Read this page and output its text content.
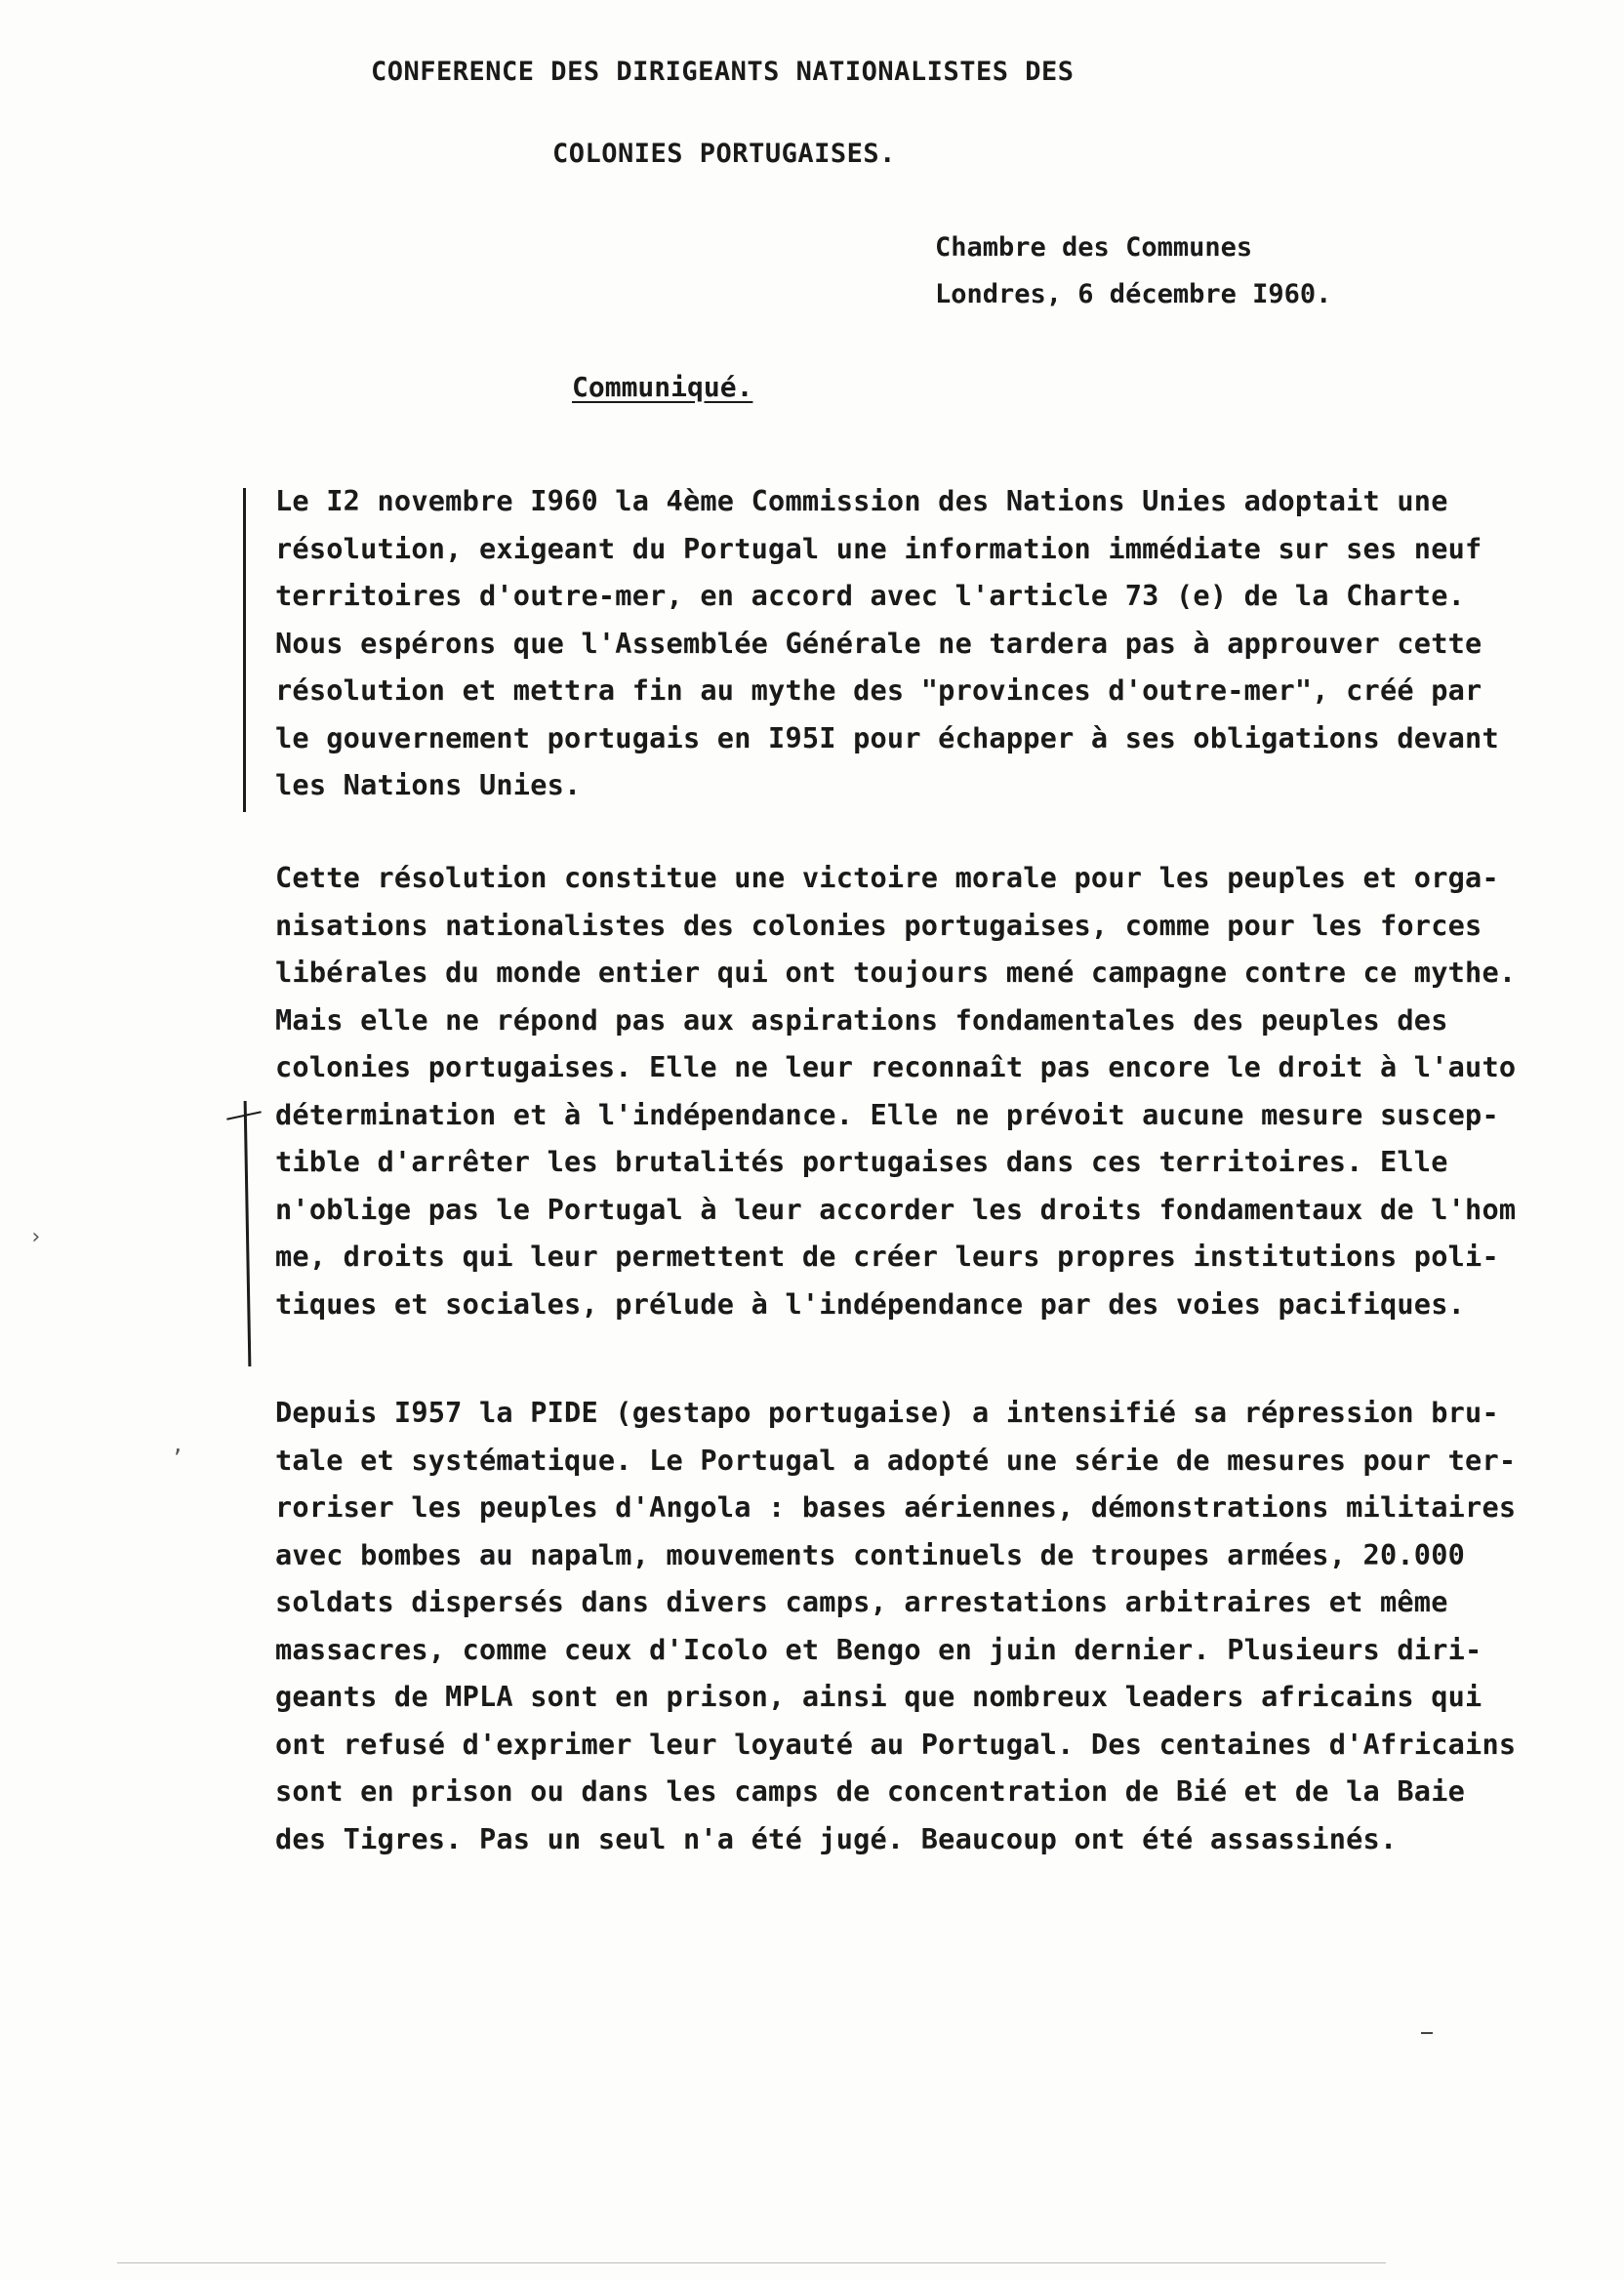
CONFERENCE DES DIRIGEANTS NATIONALISTES DES
COLONIES PORTUGAISES.
Chambre des Communes
Londres, 6 décembre I960.
Communiqué.
ʼ
›
Le I2 novembre I960 la 4ème Commission des Nations Unies adoptait une
résolution, exigeant du Portugal une information immédiate sur ses neuf
territoires d'outre-mer, en accord avec l'article 73 (e) de la Charte.
Nous espérons que l'Assemblée Générale ne tardera pas à approuver cette
résolution et mettra fin au mythe des "provinces d'outre-mer", créé par
le gouvernement portugais en I95I pour échapper à ses obligations devant
les Nations Unies.
Cette résolution constitue une victoire morale pour les peuples et orga-
nisations nationalistes des colonies portugaises, comme pour les forces
libérales du monde entier qui ont toujours mené campagne contre ce mythe.
Mais elle ne répond pas aux aspirations fondamentales des peuples des
colonies portugaises. Elle ne leur reconnaît pas encore le droit à l'auto
détermination et à l'indépendance. Elle ne prévoit aucune mesure suscep-
tible d'arrêter les brutalités portugaises dans ces territoires. Elle
n'oblige pas le Portugal à leur accorder les droits fondamentaux de l'hom
me, droits qui leur permettent de créer leurs propres institutions poli-
tiques et sociales, prélude à l'indépendance par des voies pacifiques.
Depuis I957 la PIDE (gestapo portugaise) a intensifié sa répression bru-
tale et systématique. Le Portugal a adopté une série de mesures pour ter-
roriser les peuples d'Angola : bases aériennes, démonstrations militaires
avec bombes au napalm, mouvements continuels de troupes armées, 20.000
soldats dispersés dans divers camps, arrestations arbitraires et même
massacres, comme ceux d'Icolo et Bengo en juin dernier. Plusieurs diri-
geants de MPLA sont en prison, ainsi que nombreux leaders africains qui
ont refusé d'exprimer leur loyauté au Portugal. Des centaines d'Africains
sont en prison ou dans les camps de concentration de Bié et de la Baie
des Tigres. Pas un seul n'a été jugé. Beaucoup ont été assassinés.
